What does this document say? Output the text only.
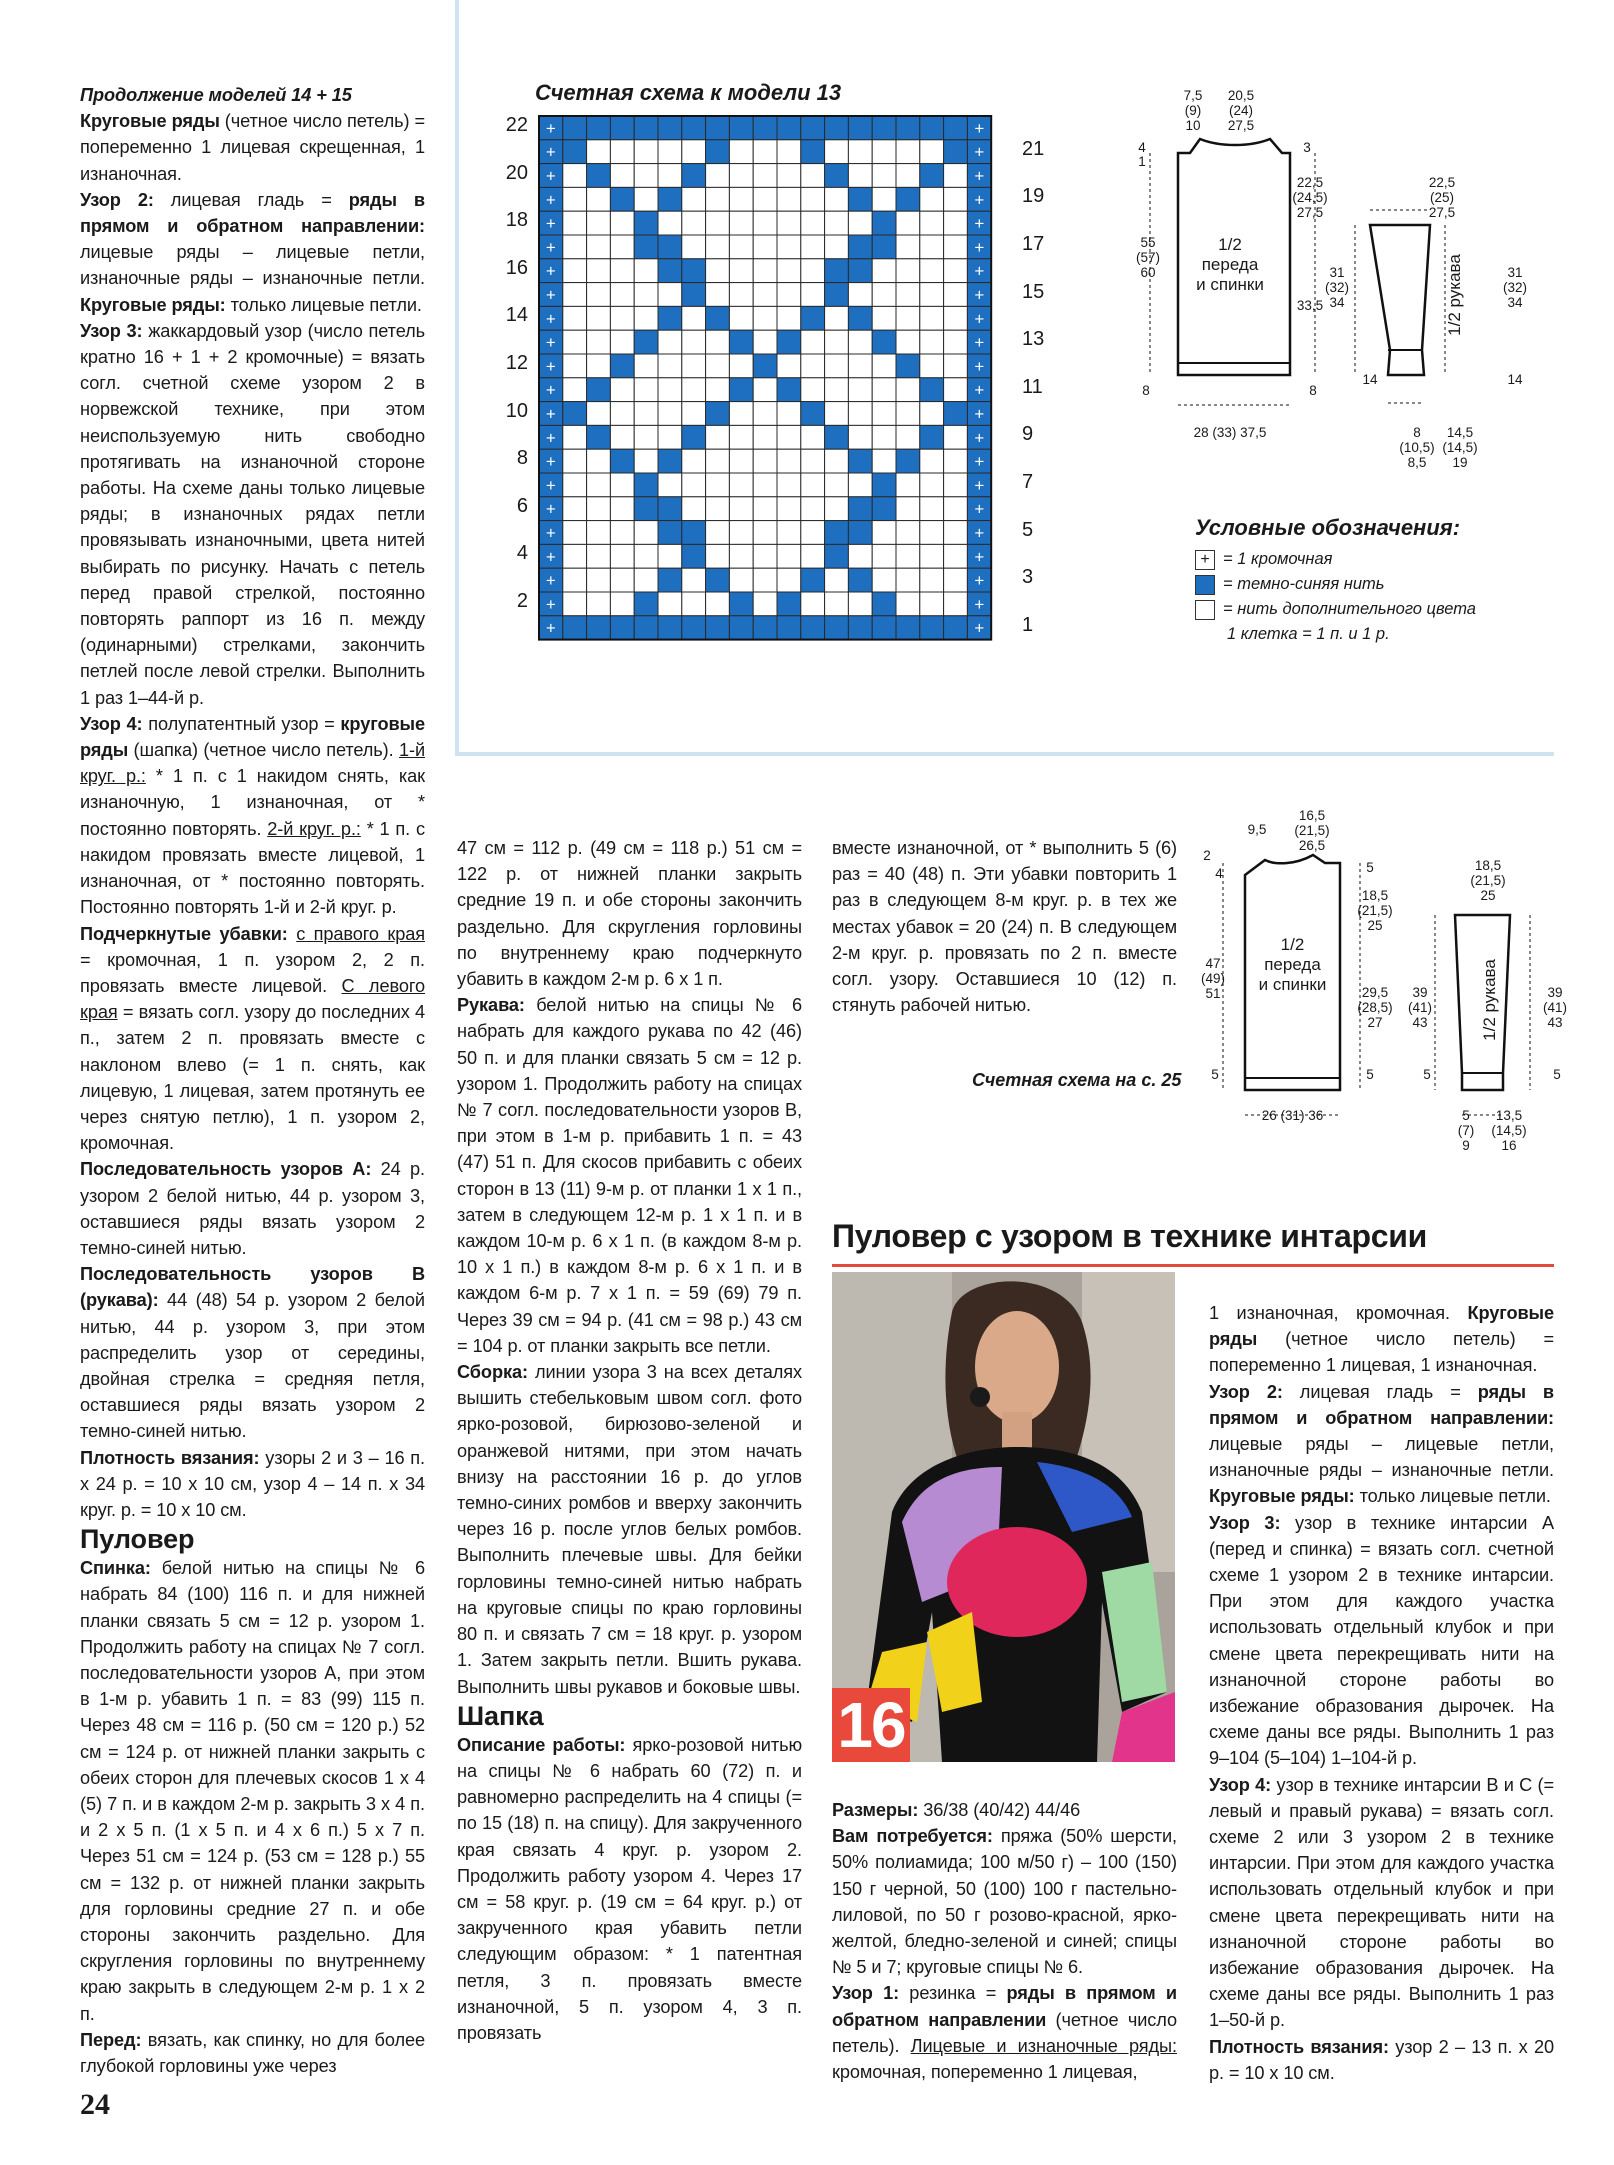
Продолжение моделей 14 + 15

Круговые ряды (четное число петель) = попеременно 1 лицевая скрещенная, 1 изнаночная.

Узор 2: лицевая гладь = ряды в прямом и обратном направлении: лицевые ряды – лицевые петли, изнаночные ряды – изнаночные петли. Круговые ряды: только лицевые петли.

Узор 3: жаккардовый узор (число петель кратно 16 + 1 + 2 кромочные) = вязать согл. счетной схеме узором 2 в норвежской технике, при этом неиспользуемую нить свободно протягивать на изнаночной стороне работы. На схеме даны только лицевые ряды; в изнаночных рядах петли провязывать изнаночными, цвета нитей выбирать по рисунку. Начать с петель перед правой стрелкой, постоянно повторять раппорт из 16 п. между (одинарными) стрелками, закончить петлей после левой стрелки. Выполнить 1 раз 1–44-й р.

Узор 4: полупатентный узор = круговые ряды (шапка) (четное число петель). 1-й круг. р.: * 1 п. с 1 накидом снять, как изнаночную, 1 изнаночная, от * постоянно повторять. 2-й круг. р.: * 1 п. с накидом провязать вместе лицевой, 1 изнаночная, от * постоянно повторять. Постоянно повторять 1-й и 2-й круг. р.

Подчеркнутые убавки: с правого края = кромочная, 1 п. узором 2, 2 п. провязать вместе лицевой. С левого края = вязать согл. узору до последних 4 п., затем 2 п. провязать вместе с наклоном влево (= 1 п. снять, как лицевую, 1 лицевая, затем протянуть ее через снятую петлю), 1 п. узором 2, кромочная.

Последовательность узоров А: 24 р. узором 2 белой нитью, 44 р. узором 3, оставшиеся ряды вязать узором 2 темно-синей нитью.

Последовательность узоров В (рукава): 44 (48) 54 р. узором 2 белой нитью, 44 р. узором 3, при этом распределить узор от середины, двойная стрелка = средняя петля, оставшиеся ряды вязать узором 2 темно-синей нитью.

Плотность вязания: узоры 2 и 3 – 16 п. х 24 р. = 10 х 10 см, узор 4 – 14 п. х 34 круг. р. = 10 х 10 см.

Пуловер

Спинка: белой нитью на спицы № 6 набрать 84 (100) 116 п. и для нижней планки связать 5 см = 12 р. узором 1. Продолжить работу на спицах № 7 согл. последовательности узоров А, при этом в 1-м р. убавить 1 п. = 83 (99) 115 п. Через 48 см = 116 р. (50 см = 120 р.) 52 см = 124 р. от нижней планки закрыть с обеих сторон для плечевых скосов 1 х 4 (5) 7 п. и в каждом 2-м р. закрыть 3 х 4 п. и 2 х 5 п. (1 х 5 п. и 4 х 6 п.) 5 х 7 п. Через 51 см = 124 р. (53 см = 128 р.) 55 см = 132 р. от нижней планки закрыть для горловины средние 27 п. и обе стороны закончить раздельно. Для скругления горловины по внутреннему краю закрыть в следующем 2-м р. 1 х 2 п.

Перед: вязать, как спинку, но для более глубокой горловины уже через

47 см = 112 р. (49 см = 118 р.) 51 см = 122 р. от нижней планки закрыть средние 19 п. и обе стороны закончить раздельно. Для скругления горловины по внутреннему краю подчеркнуто убавить в каждом 2-м р. 6 х 1 п.

Рукава: белой нитью на спицы № 6 набрать для каждого рукава по 42 (46) 50 п. и для планки связать 5 см = 12 р. узором 1. Продолжить работу на спицах № 7 согл. последовательности узоров В, при этом в 1-м р. прибавить 1 п. = 43 (47) 51 п. Для скосов прибавить с обеих сторон в 13 (11) 9-м р. от планки 1 х 1 п., затем в следующем 12-м р. 1 х 1 п. и в каждом 10-м р. 6 х 1 п. (в каждом 8-м р. 10 х 1 п.) в каждом 8-м р. 6 х 1 п. и в каждом 6-м р. 7 х 1 п. = 59 (69) 79 п. Через 39 см = 94 р. (41 см = 98 р.) 43 см = 104 р. от планки закрыть все петли.

Сборка: линии узора 3 на всех деталях вышить стебельковым швом согл. фото ярко-розовой, бирюзово-зеленой и оранжевой нитями, при этом начать внизу на расстоянии 16 р. до углов темно-синих ромбов и вверху закончить через 16 р. после углов белых ромбов. Выполнить плечевые швы. Для бейки горловины темно-синей нитью набрать на круговые спицы по краю горловины 80 п. и связать 7 см = 18 круг. р. узором 1. Затем закрыть петли. Вшить рукава. Выполнить швы рукавов и боковые швы.

Шапка

Описание работы: ярко-розовой нитью на спицы № 6 набрать 60 (72) п. и равномерно распределить на 4 спицы (= по 15 (18) п. на спицу). Для закрученного края связать 4 круг. р. узором 2. Продолжить работу узором 4. Через 17 см = 58 круг. р. (19 см = 64 круг. р.) от закрученного края убавить петли следующим образом: * 1 патентная петля, 3 п. провязать вместе изнаночной, 5 п. узором 4, 3 п. провязать

вместе изнаночной, от * выполнить 5 (6) раз = 40 (48) п. Эти убавки повторить 1 раз в следующем 8-м круг. р. в тех же местах убавок = 20 (24) п. В следующем 2-м круг. р. провязать по 2 п. вместе согл. узору. Оставшиеся 10 (12) п. стянуть рабочей нитью.

Счетная схема на с. 25

Размеры: 36/38 (40/42) 44/46

Вам потребуется: пряжа (50% шерсти, 50% полиамида; 100 м/50 г) – 100 (150) 150 г черной, 50 (100) 100 г пастельно-лиловой, по 50 г розово-красной, ярко-желтой, бледно-зеленой и синей; спицы № 5 и 7; круговые спицы № 6.

Узор 1: резинка = ряды в прямом и обратном направлении (четное число петель). Лицевые и изнаночные ряды: кромочная, попеременно 1 лицевая,

1 изнаночная, кромочная. Круговые ряды (четное число петель) = попеременно 1 лицевая, 1 изнаночная.

Узор 2: лицевая гладь = ряды в прямом и обратном направлении: лицевые ряды – лицевые петли, изнаночные ряды – изнаночные петли. Круговые ряды: только лицевые петли.

Узор 3: узор в технике интарсии А (перед и спинка) = вязать согл. счетной схеме 1 узором 2 в технике интарсии. При этом для каждого участка использовать отдельный клубок и при смене цвета перекрещивать нити на изнаночной стороне работы во избежание образования дырочек. На схеме даны все ряды. Выполнить 1 раз 9–104 (5–104) 1–104-й р.

Узор 4: узор в технике интарсии В и С (= левый и правый рукава) = вязать согл. схеме 2 или 3 узором 2 в технике интарсии. При этом для каждого участка использовать отдельный клубок и при смене цвета перекрещивать нити на изнаночной стороне работы во избежание образования дырочек. На схеме даны все ряды. Выполнить 1 раз 1–50-й р.

Плотность вязания: узор 2 – 13 п. х 20 р. = 10 х 10 см.

Счетная схема к модели 13
+	+
+	+
+	+
+	+
+	+
+	+
+	+
+	+
+	+
+	+
+	+
+	+
+	+
+	+
+	+
+	+
+	+
+	+
+	+
+	+
+	+
+	+
22
20
18
16
14
12
10
8
6
4
2
21
19
17
15
13
11
9
7
5
3
1
Условные обозначения:
+ = 1 кромочная
= темно-синяя нить
= нить дополнительного цвета
1 клетка = 1 п. и 1 р.
7,5
(9)
10
20,5
(24)
27,5
4
1
3
22,5
(24,5)
27,5
55
(57)
60
1/2
переда
и спинки
33,5
8	8
28 (33) 37,5
22,5
(25)
27,5
1/2 рукава
31
(32)
34
31
(32)
34
14	14
8
(10,5)
8,5
14,5
(14,5)
19
9,5
16,5
(21,5)
26,5
2
4	5
18,5
(21,5)
25
47
(49)
51
1/2
переда
и спинки	29,5
(28,5)
27
5	5
26 (31) 36
18,5
(21,5)
25
1/2 рукава
39
(41)
43
39
(41)
43
5	5
5
(7)
9
13,5
(14,5)
16
Пуловер с узором в технике интарсии
16
24
